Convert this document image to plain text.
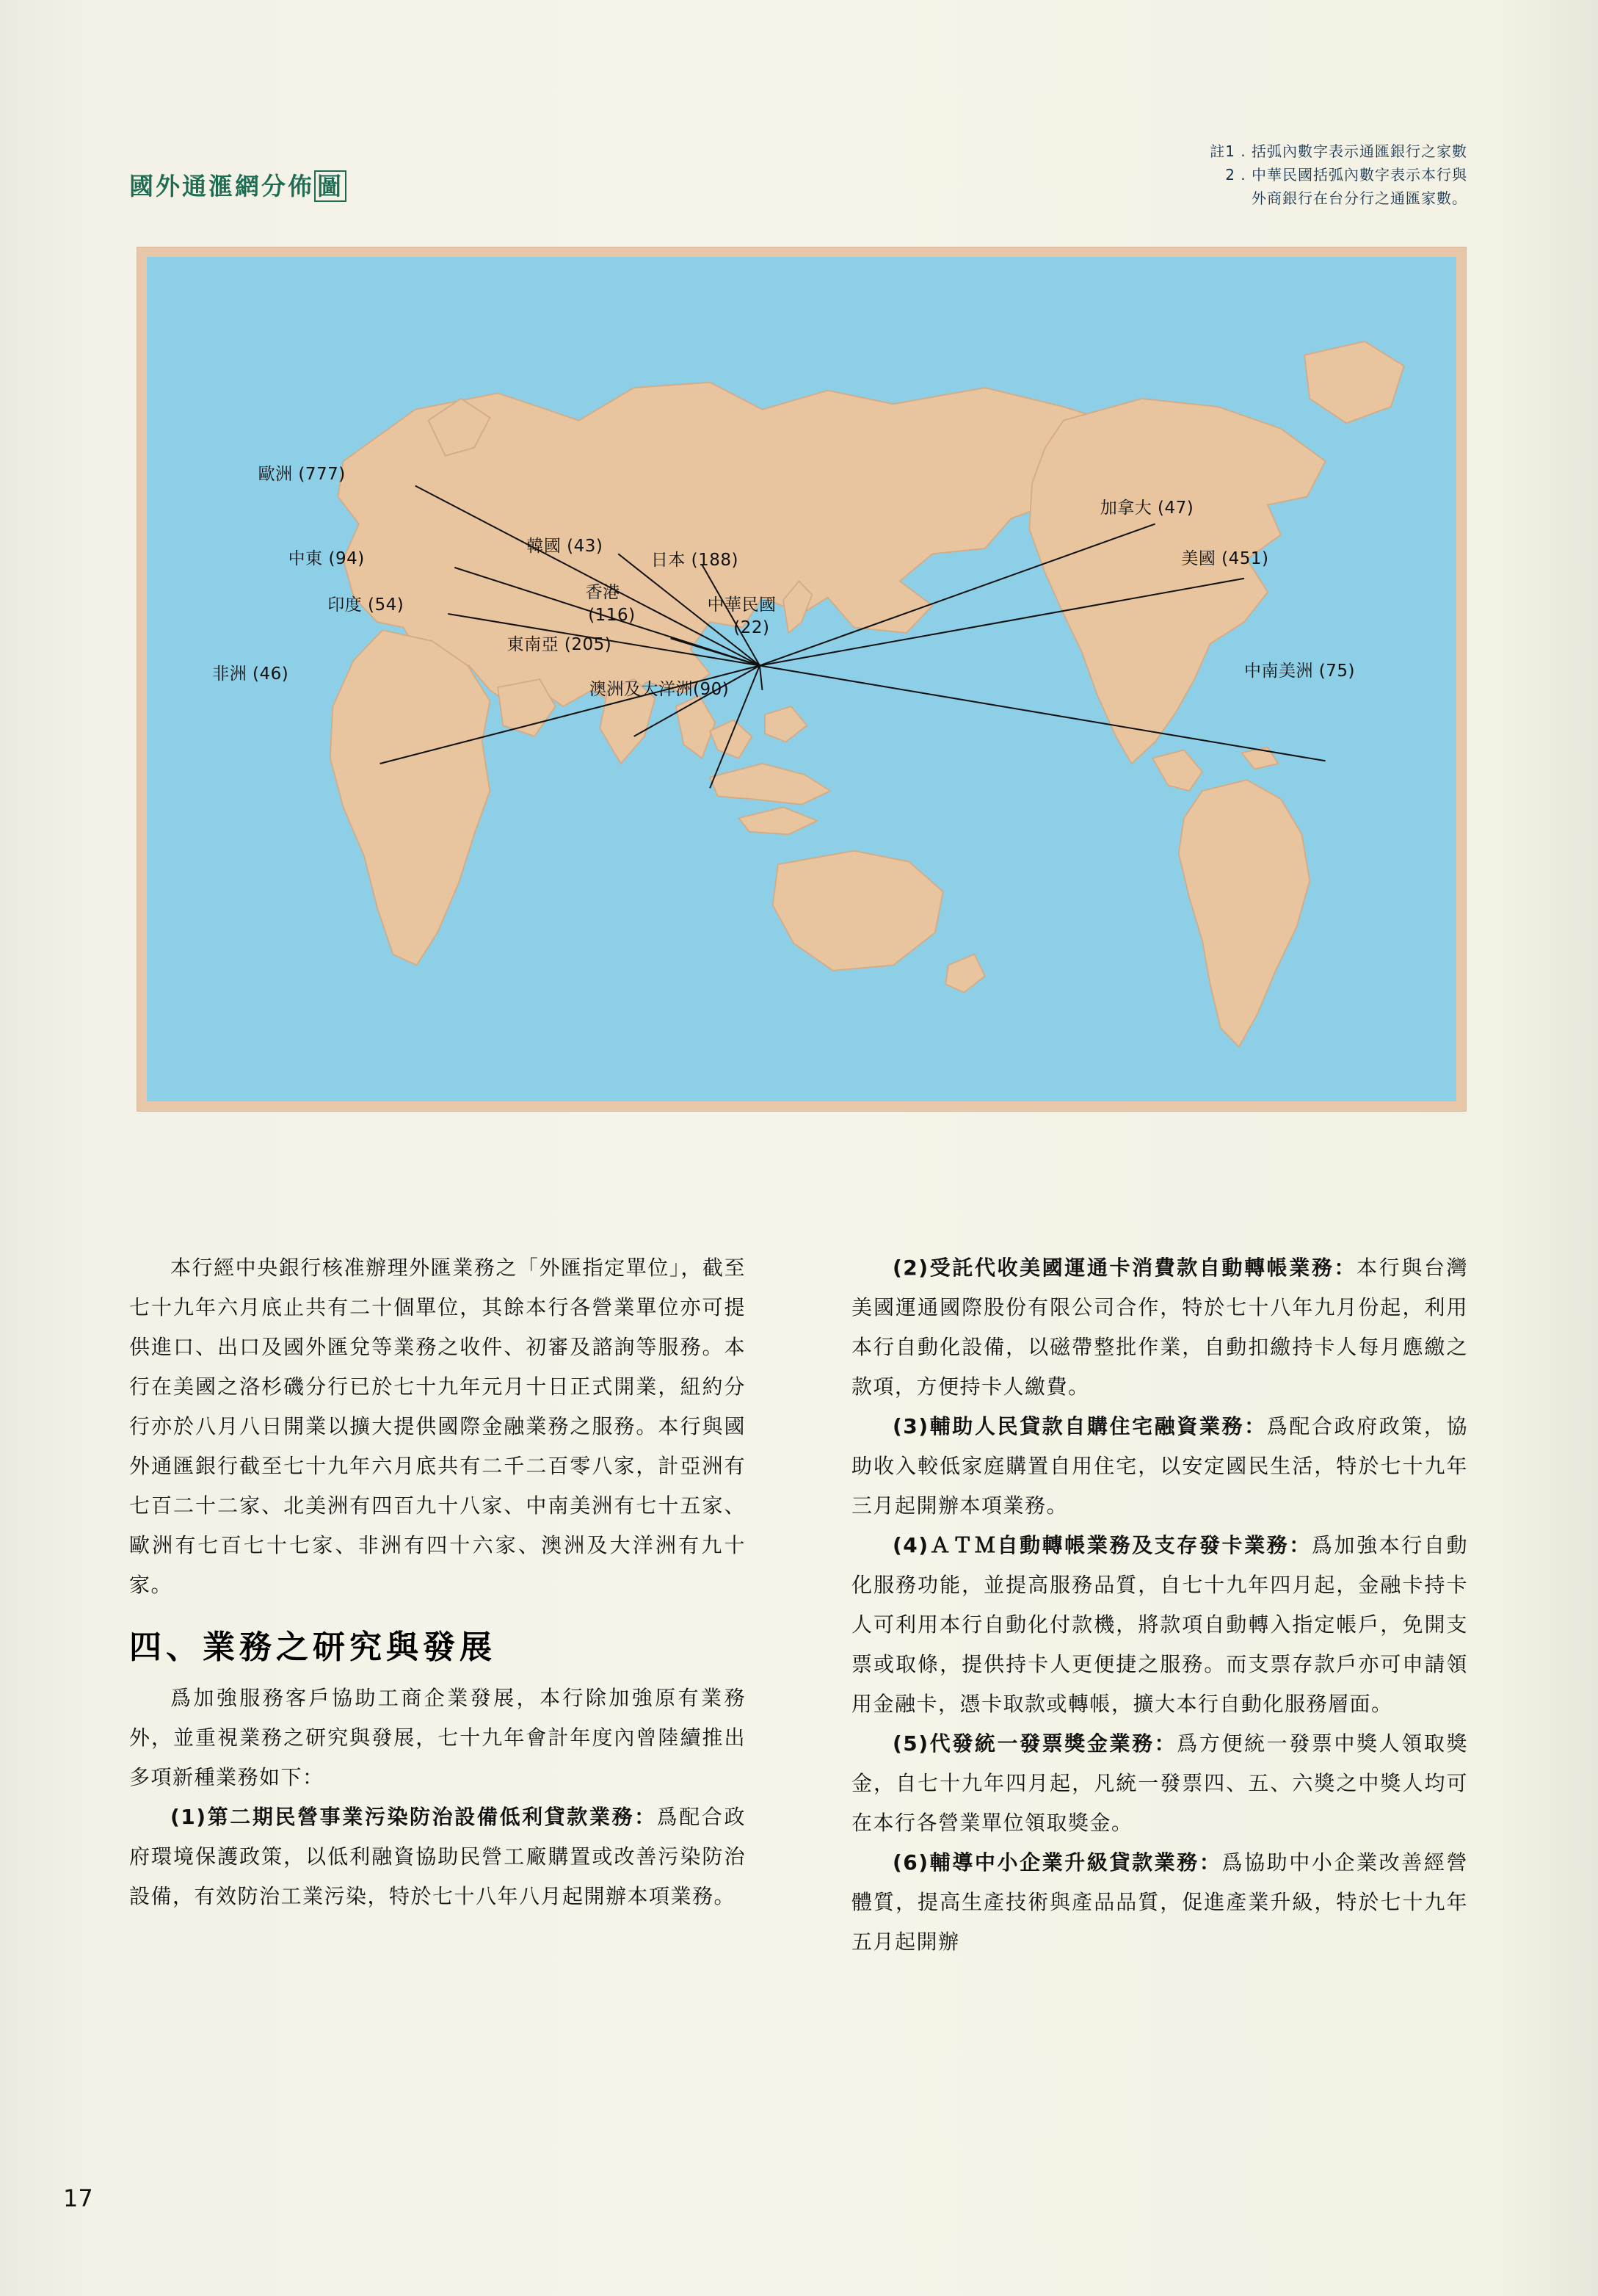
國外通滙網分佈 圖
註1 . 括弧內數字表示通匯銀行之家數
2 . 中華民國括弧內數字表示本行與
外商銀行在台分行之通匯家數。
歐洲 (777)
中東 (94)
印度 (54)
韓國 (43)
日本 (188)
香港
(116)
中華民國
(22)
東南亞 (205)
非洲 (46)
澳洲及大洋洲(90)
加拿大 (47)
美國 (451)
中南美洲 (75)

本行經中央銀行核准辦理外匯業務之「外匯指定單位」，截至七十九年六月底止共有二十個單位，其餘本行各營業單位亦可提供進口、出口及國外匯兌等業務之收件、初審及諮詢等服務。本行在美國之洛杉磯分行已於七十九年元月十日正式開業，紐約分行亦於八月八日開業以擴大提供國際金融業務之服務。本行與國外通匯銀行截至七十九年六月底共有二千二百零八家，計亞洲有七百二十二家、北美洲有四百九十八家、中南美洲有七十五家、歐洲有七百七十七家、非洲有四十六家、澳洲及大洋洲有九十家。

四、業務之研究與發展

爲加強服務客戶協助工商企業發展，本行除加強原有業務外，並重視業務之研究與發展，七十九年會計年度內曾陸續推出多項新種業務如下：

(1)第二期民營事業污染防治設備低利貸款業務：爲配合政府環境保護政策，以低利融資協助民營工廠購置或改善污染防治設備，有效防治工業污染，特於七十八年八月起開辦本項業務。

(2)受託代收美國運通卡消費款自動轉帳業務：本行與台灣美國運通國際股份有限公司合作，特於七十八年九月份起，利用本行自動化設備，以磁帶整批作業，自動扣繳持卡人每月應繳之款項，方便持卡人繳費。

(3)輔助人民貸款自購住宅融資業務：爲配合政府政策，協助收入較低家庭購置自用住宅，以安定國民生活，特於七十九年三月起開辦本項業務。

(4)ＡＴＭ自動轉帳業務及支存發卡業務：爲加強本行自動化服務功能，並提高服務品質，自七十九年四月起，金融卡持卡人可利用本行自動化付款機，將款項自動轉入指定帳戶，免開支票或取條，提供持卡人更便捷之服務。而支票存款戶亦可申請領用金融卡，憑卡取款或轉帳，擴大本行自動化服務層面。

(5)代發統一發票獎金業務：爲方便統一發票中獎人領取獎金，自七十九年四月起，凡統一發票四、五、六獎之中獎人均可在本行各營業單位領取獎金。

(6)輔導中小企業升級貸款業務：爲協助中小企業改善經營體質，提高生產技術與產品品質，促進產業升級，特於七十九年五月起開辦

17
